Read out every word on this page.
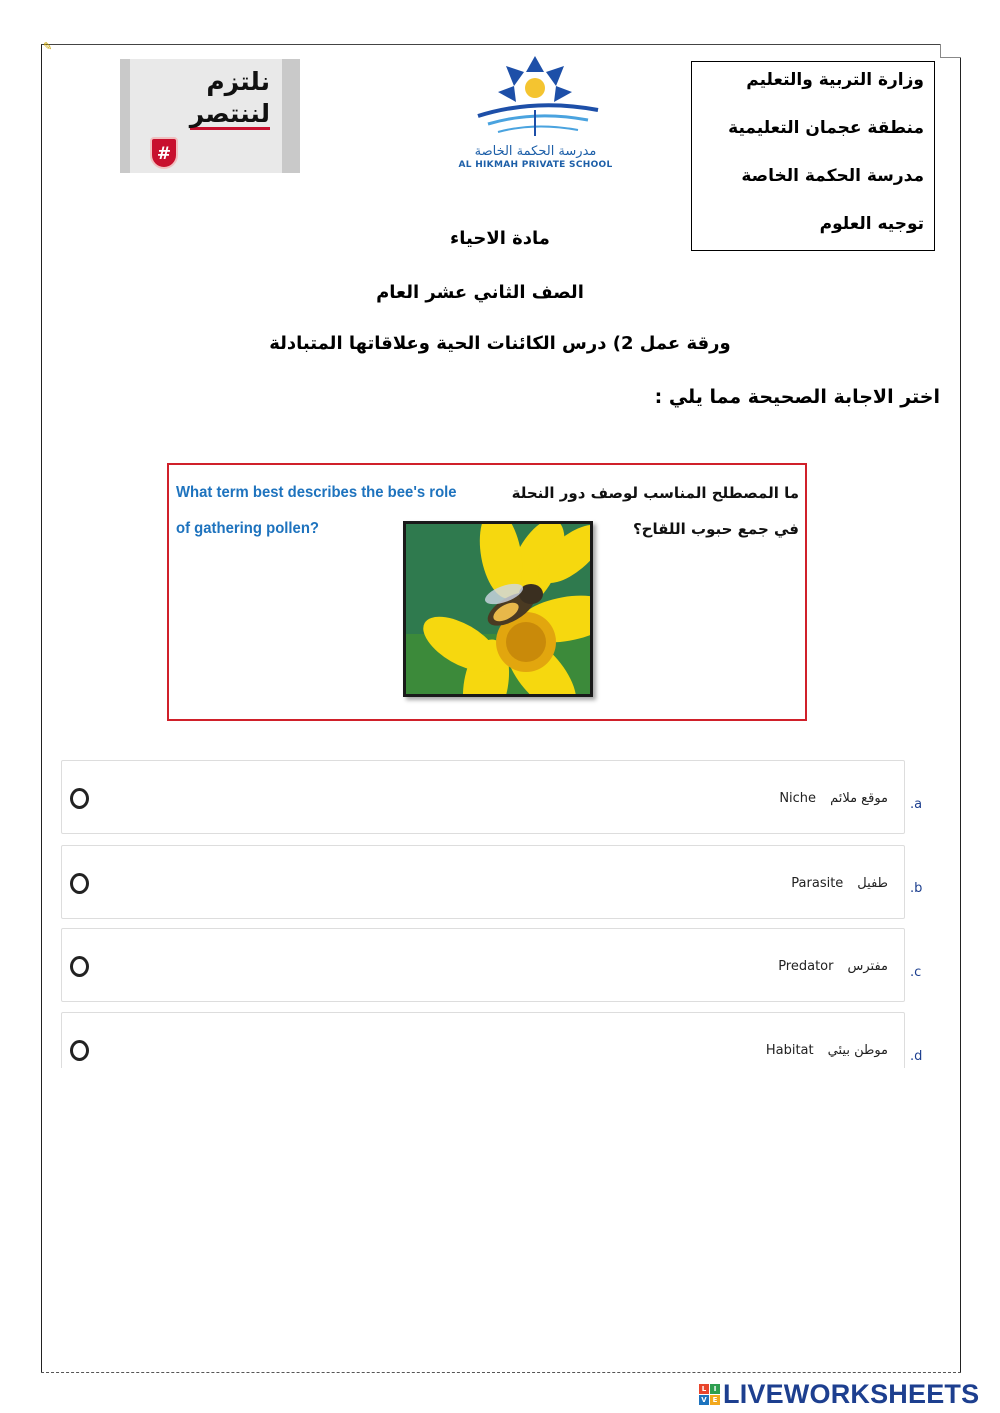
✎
نلتزم
لننتصر
#	مدرسة الحكمة الخاصة
AL HIKMAH PRIVATE SCHOOL
وزارة التربية والتعليم
منطقة عجمان التعليمية
مدرسة الحكمة الخاصة
توجيه العلوم
مادة الاحياء
الصف الثاني عشر العام
ورقة عمل 2) درس الكائنات الحية وعلاقاتها المتبادلة
اختر الاجابة الصحيحة مما يلي :
What term best describes the bee's role of gathering pollen?
ما المصطلح المناسب لوصف دور النحلة في جمع حبوب اللقاح؟
Niche موقع ملائم .a
Parasite طفيل .b
Predator مفترس .c
Habitat موطن بيئي .d
L	I
V E LIVEWORKSHEETS
